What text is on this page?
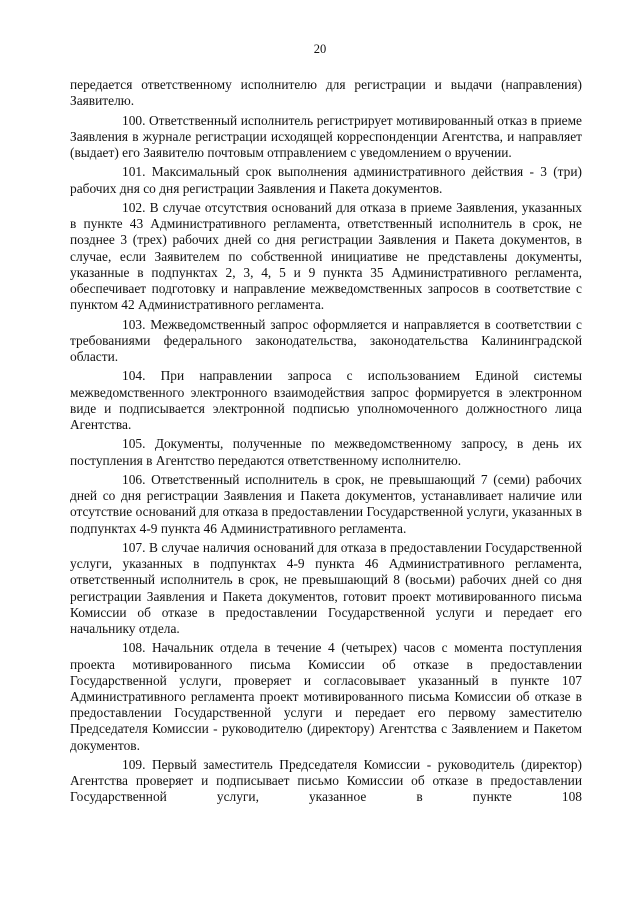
20

передается ответственному исполнителю для регистрации и выдачи (направления) Заявителю.

100. Ответственный исполнитель регистрирует мотивированный отказ в приеме Заявления в журнале регистрации исходящей корреспонденции Агентства, и направляет (выдает) его Заявителю почтовым отправлением с уведомлением о вручении.

101. Максимальный срок выполнения административного действия - 3 (три) рабочих дня со дня регистрации Заявления и Пакета документов.

102. В случае отсутствия оснований для отказа в приеме Заявления, указанных в пункте 43 Административного регламента, ответственный исполнитель в срок, не позднее 3 (трех) рабочих дней со дня регистрации Заявления и Пакета документов, в случае, если Заявителем по собственной инициативе не представлены документы, указанные в подпунктах 2, 3, 4, 5 и 9 пункта 35 Административного регламента, обеспечивает подготовку и направление межведомственных запросов в соответствие с пунктом 42 Административного регламента.

103. Межведомственный запрос оформляется и направляется в соответствии с требованиями федерального законодательства, законодательства Калининградской области.

104. При направлении запроса с использованием Единой системы межведомственного электронного взаимодействия запрос формируется в электронном виде и подписывается электронной подписью уполномоченного должностного лица Агентства.

105. Документы, полученные по межведомственному запросу, в день их поступления в Агентство передаются ответственному исполнителю.

106. Ответственный исполнитель в срок, не превышающий 7 (семи) рабочих дней со дня регистрации Заявления и Пакета документов, устанавливает наличие или отсутствие оснований для отказа в предоставлении Государственной услуги, указанных в подпунктах 4-9 пункта 46 Административного регламента.

107. В случае наличия оснований для отказа в предоставлении Государственной услуги, указанных в подпунктах 4-9 пункта 46 Административного регламента, ответственный исполнитель в срок, не превышающий 8 (восьми) рабочих дней со дня регистрации Заявления и Пакета документов, готовит проект мотивированного письма Комиссии об отказе в предоставлении Государственной услуги и передает его начальнику отдела.

108. Начальник отдела в течение 4 (четырех) часов с момента поступления проекта мотивированного письма Комиссии об отказе в предоставлении Государственной услуги, проверяет и согласовывает указанный в пункте 107 Административного регламента проект мотивированного письма Комиссии об отказе в предоставлении Государственной услуги и передает его первому заместителю Председателя Комиссии - руководителю (директору) Агентства с Заявлением и Пакетом документов.

109. Первый заместитель Председателя Комиссии - руководитель (директор) Агентства проверяет и подписывает письмо Комиссии об отказе в предоставлении Государственной услуги, указанное в пункте 108
